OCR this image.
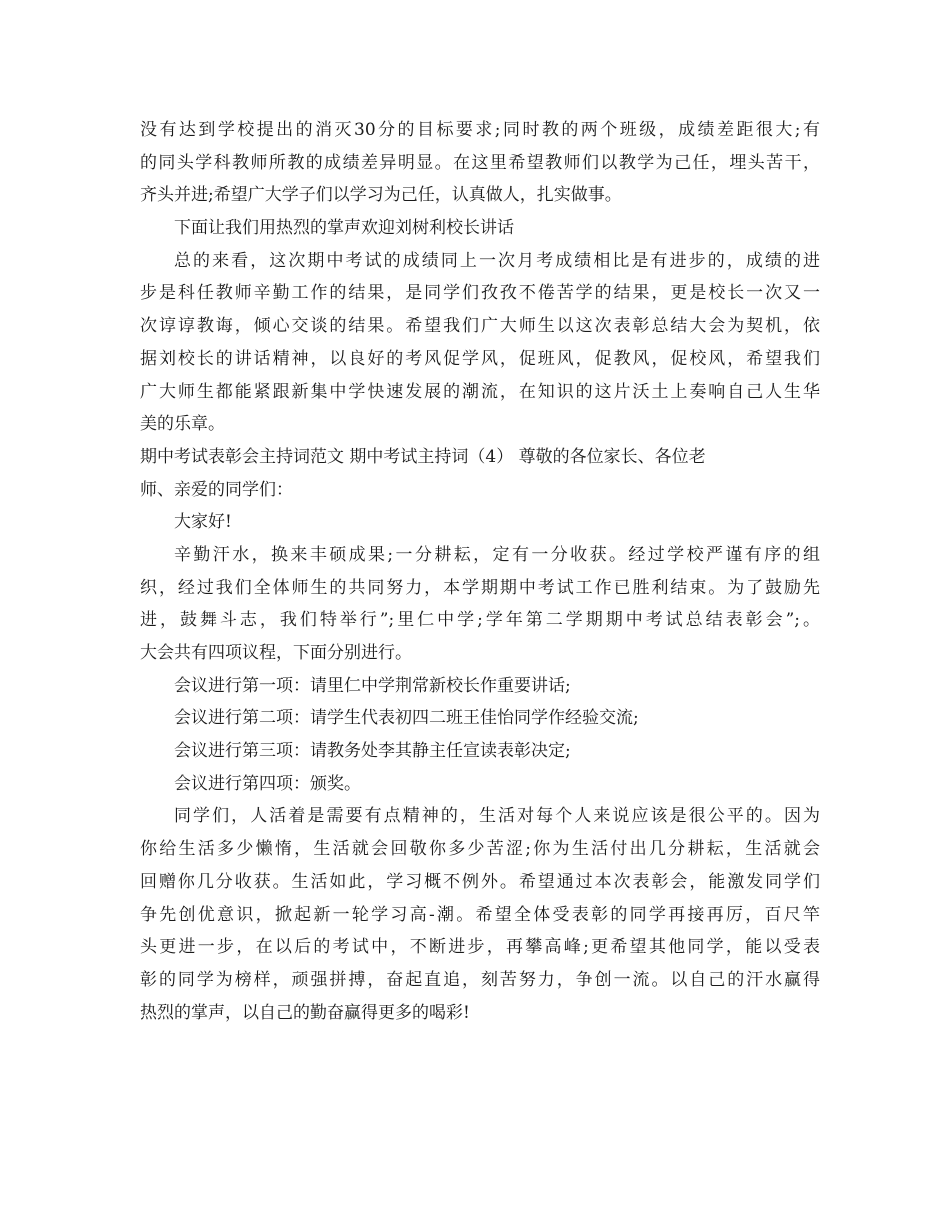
没有达到学校提出的消灭30分的目标要求;同时教的两个班级，成绩差距很大;有
的同头学科教师所教的成绩差异明显。在这里希望教师们以教学为己任，埋头苦干，
齐头并进;希望广大学子们以学习为己任，认真做人，扎实做事。
下面让我们用热烈的掌声欢迎刘树利校长讲话
总的来看，这次期中考试的成绩同上一次月考成绩相比是有进步的，成绩的进
步是科任教师辛勤工作的结果，是同学们孜孜不倦苦学的结果，更是校长一次又一
次谆谆教诲，倾心交谈的结果。希望我们广大师生以这次表彰总结大会为契机，依
据刘校长的讲话精神，以良好的考风促学风，促班风，促教风，促校风，希望我们
广大师生都能紧跟新集中学快速发展的潮流，在知识的这片沃土上奏响自己人生华
美的乐章。
期中考试表彰会主持词范文 期中考试主持词（4） 尊敬的各位家长、各位老
师、亲爱的同学们：
大家好!
辛勤汗水，换来丰硕成果;一分耕耘，定有一分收获。经过学校严谨有序的组
织，经过我们全体师生的共同努力，本学期期中考试工作已胜利结束。为了鼓励先
进，鼓舞斗志，我们特举行”;里仁中学;学年第二学期期中考试总结表彰会”;。
大会共有四项议程，下面分别进行。
会议进行第一项：请里仁中学荆常新校长作重要讲话;
会议进行第二项：请学生代表初四二班王佳怡同学作经验交流;
会议进行第三项：请教务处李其静主任宣读表彰决定;
会议进行第四项：颁奖。
同学们，人活着是需要有点精神的，生活对每个人来说应该是很公平的。因为
你给生活多少懒惰，生活就会回敬你多少苦涩;你为生活付出几分耕耘，生活就会
回赠你几分收获。生活如此，学习概不例外。希望通过本次表彰会，能激发同学们
争先创优意识，掀起新一轮学习高-潮。希望全体受表彰的同学再接再厉，百尺竿
头更进一步，在以后的考试中，不断进步，再攀高峰;更希望其他同学，能以受表
彰的同学为榜样，顽强拼搏，奋起直追，刻苦努力，争创一流。以自己的汗水赢得
热烈的掌声，以自己的勤奋赢得更多的喝彩!
